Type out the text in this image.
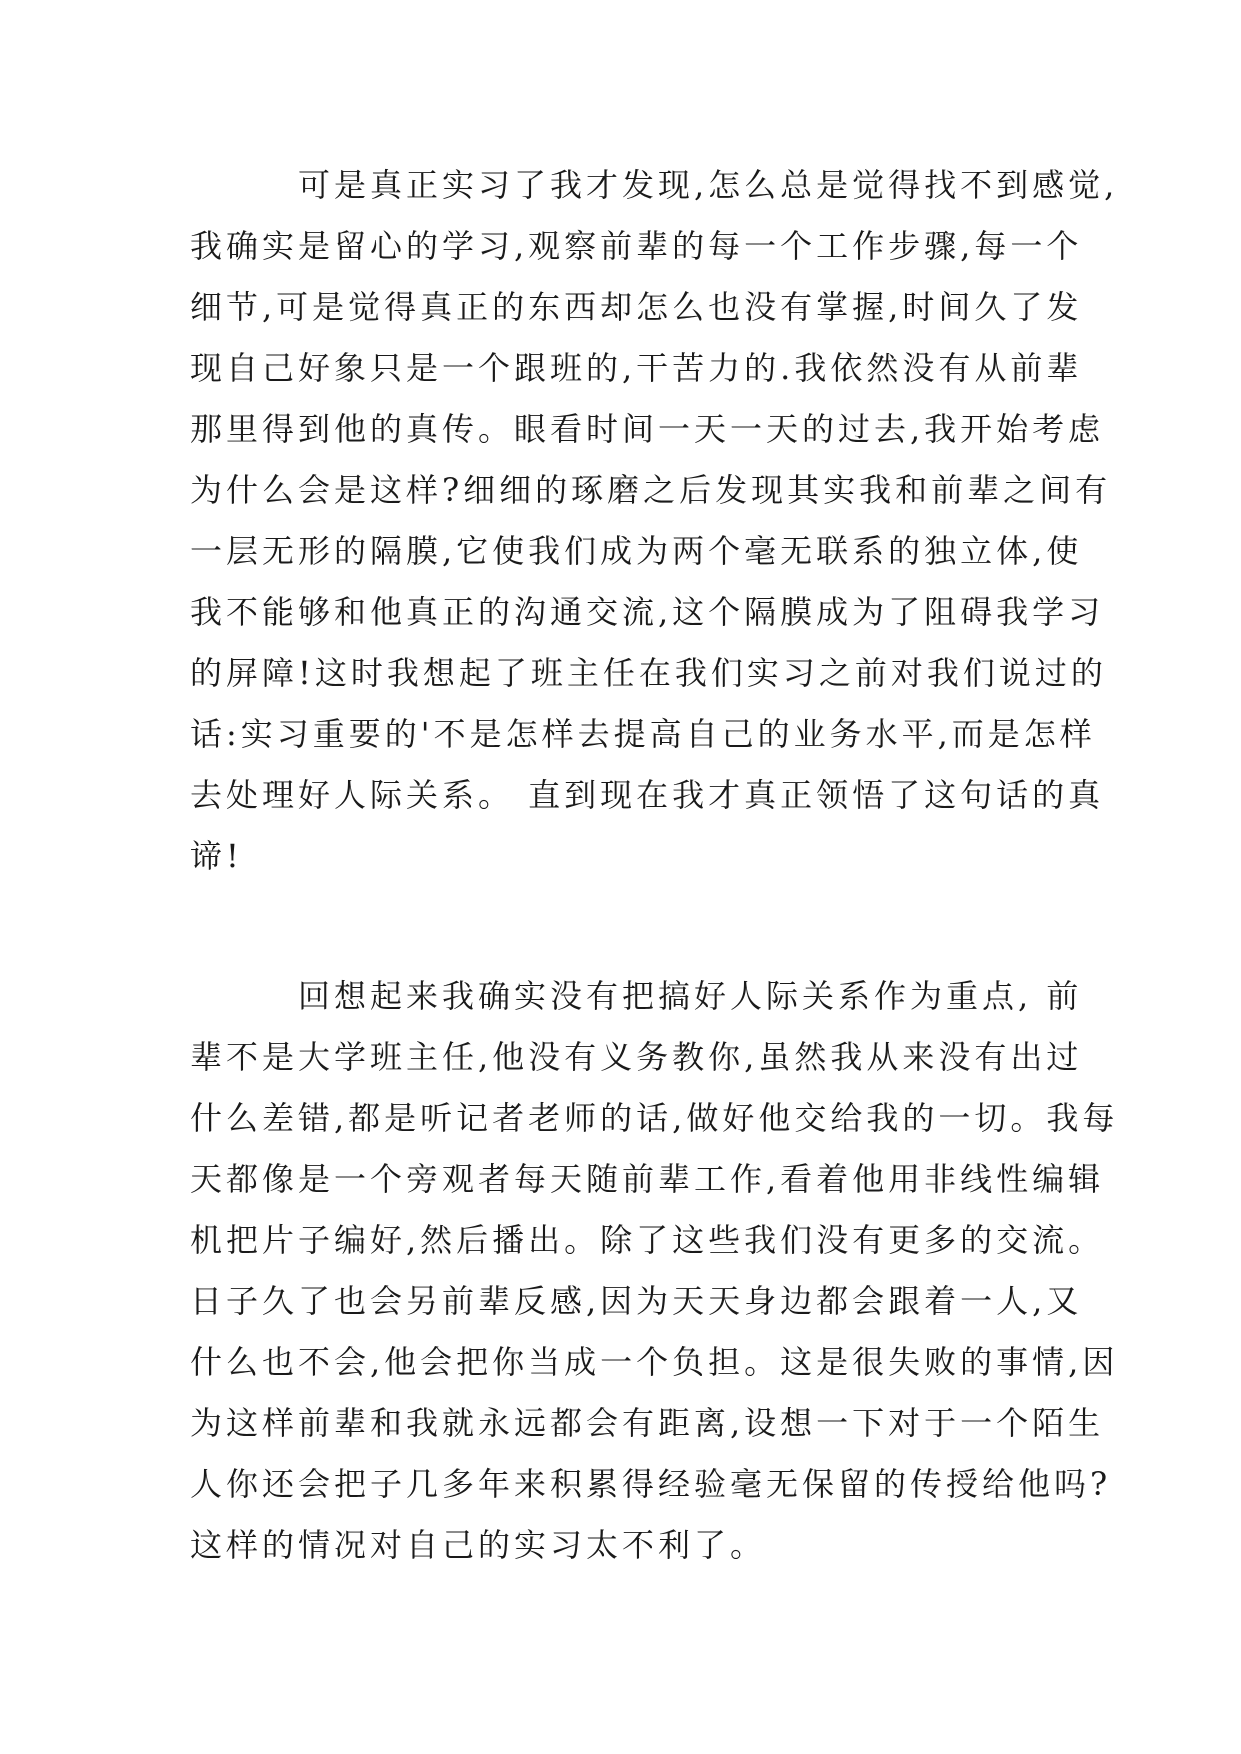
可是真正实习了我才发现,怎么总是觉得找不到感觉,
我确实是留心的学习,观察前辈的每一个工作步骤,每一个
细节,可是觉得真正的东西却怎么也没有掌握,时间久了发
现自己好象只是一个跟班的,干苦力的.我依然没有从前辈
那里得到他的真传。眼看时间一天一天的过去,我开始考虑
为什么会是这样?细细的琢磨之后发现其实我和前辈之间有
一层无形的隔膜,它使我们成为两个毫无联系的独立体,使
我不能够和他真正的沟通交流,这个隔膜成为了阻碍我学习
的屏障!这时我想起了班主任在我们实习之前对我们说过的
话:实习重要的'不是怎样去提高自己的业务水平,而是怎样
去处理好人际关系。 直到现在我才真正领悟了这句话的真
谛!
回想起来我确实没有把搞好人际关系作为重点, 前
辈不是大学班主任,他没有义务教你,虽然我从来没有出过
什么差错,都是听记者老师的话,做好他交给我的一切。我每
天都像是一个旁观者每天随前辈工作,看着他用非线性编辑
机把片子编好,然后播出。除了这些我们没有更多的交流。
日子久了也会另前辈反感,因为天天身边都会跟着一人,又
什么也不会,他会把你当成一个负担。这是很失败的事情,因
为这样前辈和我就永远都会有距离,设想一下对于一个陌生
人你还会把子几多年来积累得经验毫无保留的传授给他吗?
这样的情况对自己的实习太不利了。
